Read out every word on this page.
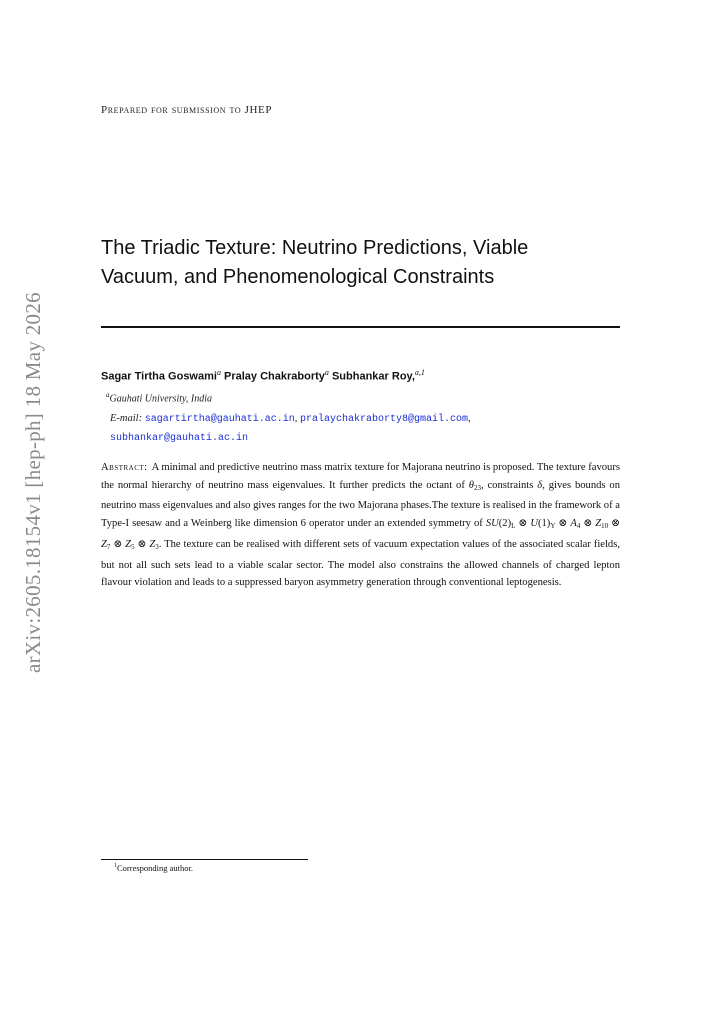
arXiv:2605.18154v1 [hep-ph] 18 May 2026
Prepared for submission to JHEP
The Triadic Texture: Neutrino Predictions, Viable
Vacuum, and Phenomenological Constraints
Sagar Tirtha Goswami$^a$ Pralay Chakraborty$^a$ Subhankar Roy,$^{a,1}$
$^a$Gauhati University, India
E-mail: sagartirtha@gauhati.ac.in, pralaychakraborty8@gmail.com,
subhankar@gauhati.ac.in
Abstract: A minimal and predictive neutrino mass matrix texture for Majorana neutrino is proposed. The texture favours the normal hierarchy of neutrino mass eigenvalues. It further predicts the octant of $\theta_{23}$, constraints δ, gives bounds on neutrino mass eigenvalues and also gives ranges for the two Majorana phases.The texture is realised in the framework of a Type-I seesaw and a Weinberg like dimension 6 operator under an extended symmetry of $SU(2)_L$ ⊗ $U(1)_Y$ ⊗ $A_4$ ⊗ $Z_{10}$ ⊗ $Z_7$ ⊗ $Z_5$ ⊗ $Z_3$. The texture can be realised with different sets of vacuum expectation values of the associated scalar fields, but not all such sets lead to a viable scalar sector. The model also constrains the allowed channels of charged lepton flavour violation and leads to a suppressed baryon asymmetry generation through conventional leptogenesis.
$^1$Corresponding author.
